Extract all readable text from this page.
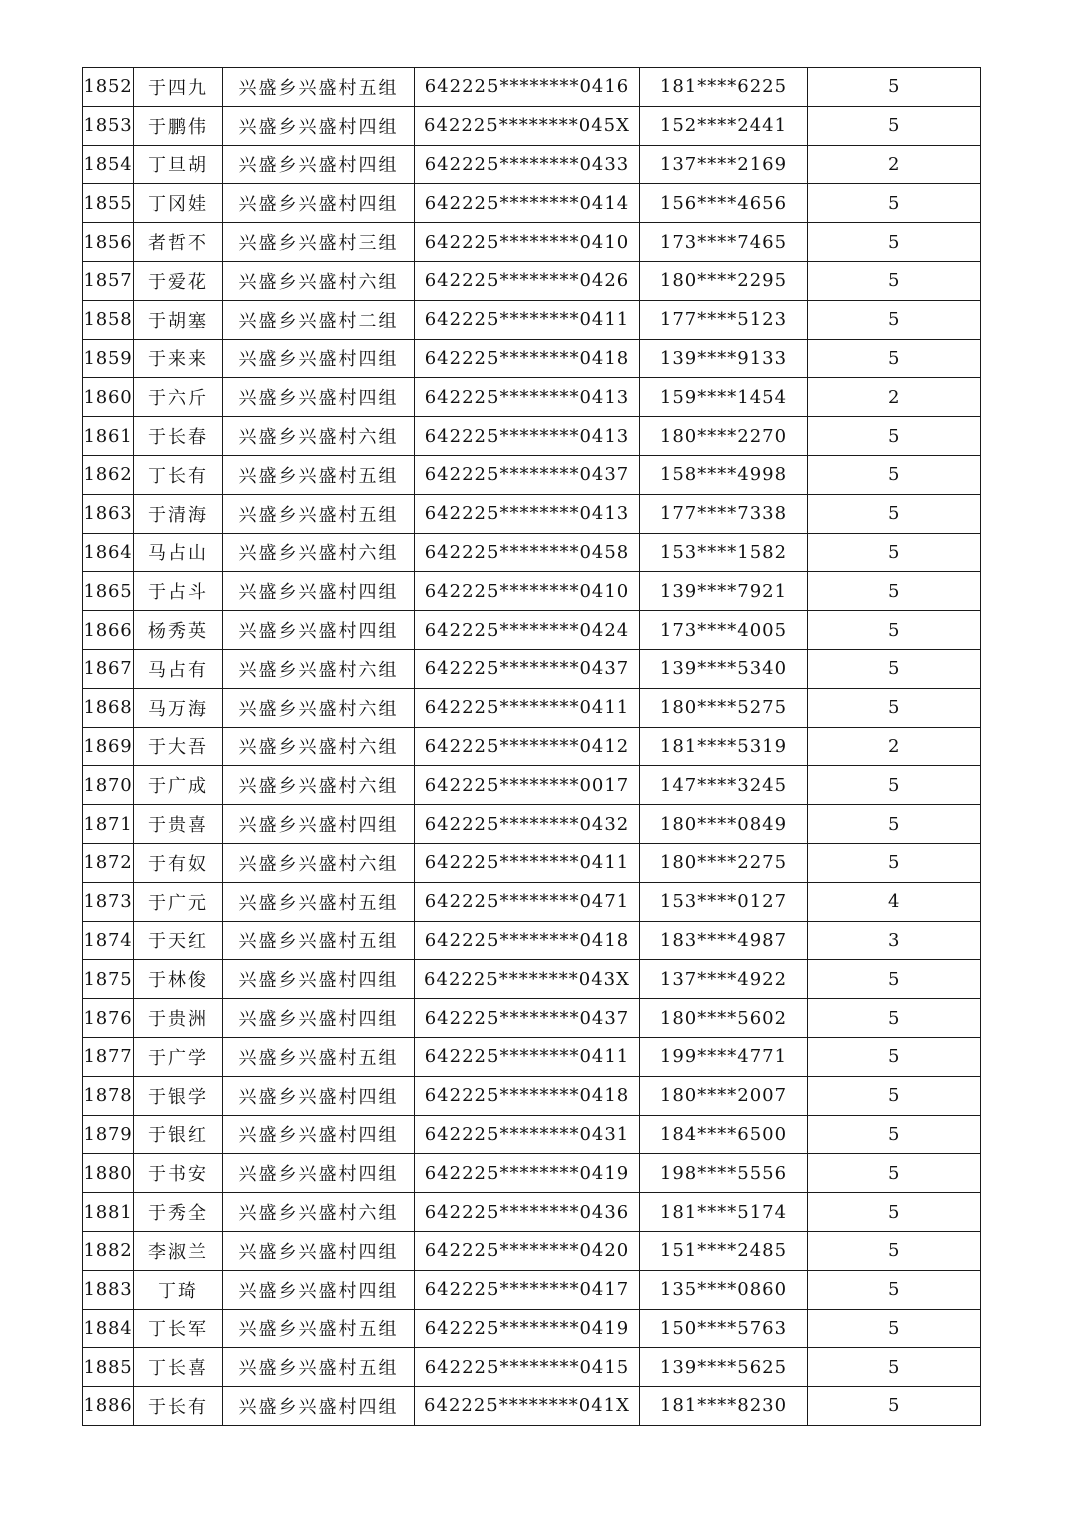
1852	于四九	兴盛乡兴盛村五组	642225********0416	181****6225	5
1853	于鹏伟	兴盛乡兴盛村四组	642225********045X	152****2441	5
1854	丁旦胡	兴盛乡兴盛村四组	642225********0433	137****2169	2
1855	丁冈娃	兴盛乡兴盛村四组	642225********0414	156****4656	5
1856	者哲不	兴盛乡兴盛村三组	642225********0410	173****7465	5
1857	于爱花	兴盛乡兴盛村六组	642225********0426	180****2295	5
1858	于胡塞	兴盛乡兴盛村二组	642225********0411	177****5123	5
1859	于来来	兴盛乡兴盛村四组	642225********0418	139****9133	5
1860	于六斤	兴盛乡兴盛村四组	642225********0413	159****1454	2
1861	于长春	兴盛乡兴盛村六组	642225********0413	180****2270	5
1862	丁长有	兴盛乡兴盛村五组	642225********0437	158****4998	5
1863	于清海	兴盛乡兴盛村五组	642225********0413	177****7338	5
1864	马占山	兴盛乡兴盛村六组	642225********0458	153****1582	5
1865	于占斗	兴盛乡兴盛村四组	642225********0410	139****7921	5
1866	杨秀英	兴盛乡兴盛村四组	642225********0424	173****4005	5
1867	马占有	兴盛乡兴盛村六组	642225********0437	139****5340	5
1868	马万海	兴盛乡兴盛村六组	642225********0411	180****5275	5
1869	于大吾	兴盛乡兴盛村六组	642225********0412	181****5319	2
1870	于广成	兴盛乡兴盛村六组	642225********0017	147****3245	5
1871	于贵喜	兴盛乡兴盛村四组	642225********0432	180****0849	5
1872	于有奴	兴盛乡兴盛村六组	642225********0411	180****2275	5
1873	于广元	兴盛乡兴盛村五组	642225********0471	153****0127	4
1874	于天红	兴盛乡兴盛村五组	642225********0418	183****4987	3
1875	于林俊	兴盛乡兴盛村四组	642225********043X	137****4922	5
1876	于贵洲	兴盛乡兴盛村四组	642225********0437	180****5602	5
1877	于广学	兴盛乡兴盛村五组	642225********0411	199****4771	5
1878	于银学	兴盛乡兴盛村四组	642225********0418	180****2007	5
1879	于银红	兴盛乡兴盛村四组	642225********0431	184****6500	5
1880	于书安	兴盛乡兴盛村四组	642225********0419	198****5556	5
1881	于秀全	兴盛乡兴盛村六组	642225********0436	181****5174	5
1882	李淑兰	兴盛乡兴盛村四组	642225********0420	151****2485	5
1883	丁琦	兴盛乡兴盛村四组	642225********0417	135****0860	5
1884	丁长军	兴盛乡兴盛村五组	642225********0419	150****5763	5
1885	丁长喜	兴盛乡兴盛村五组	642225********0415	139****5625	5
1886	于长有	兴盛乡兴盛村四组	642225********041X	181****8230	5
